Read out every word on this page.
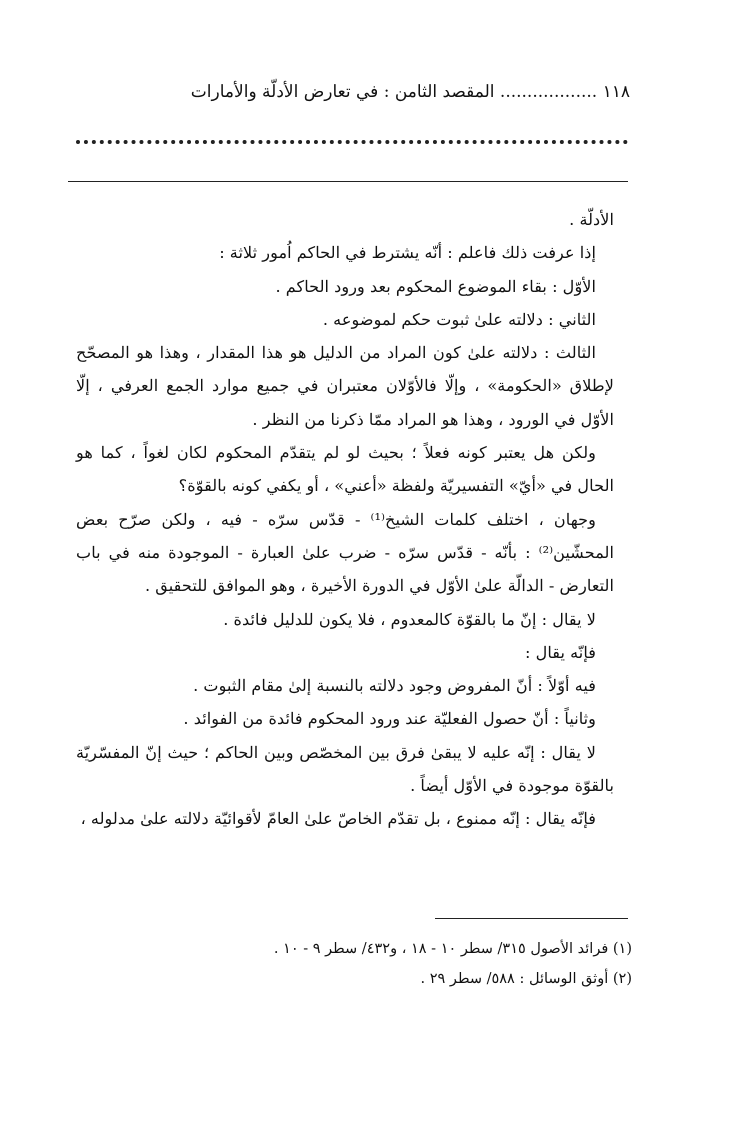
١١٨ .................. المقصد الثامن : في تعارض الأدلّة والأمارات

الأدلّة .

إذا عرفت ذلك فاعلم : أنّه يشترط في الحاكم اُمور ثلاثة :

الأوّل : بقاء الموضوع المحكوم بعد ورود الحاكم .

الثاني : دلالته علىٰ ثبوت حكم لموضوعه .

الثالث : دلالته علىٰ كون المراد من الدليل هو هذا المقدار ، وهذا هو المصحّح لإطلاق «الحكومة» ، وإلّا فالأوّلان معتبران في جميع موارد الجمع العرفي ، إلّا الأوّل في الورود ، وهذا هو المراد ممّا ذكرنا من النظر .

ولكن هل يعتبر كونه فعلاً ؛ بحيث لو لم يتقدّم المحكوم لكان لغواً ، كما هو الحال في «أيّ» التفسيريّة ولفظة «أعني» ، أو يكفي كونه بالقوّة؟

وجهان ، اختلف كلمات الشيخ⁽¹⁾ - قدّس سرّه - فيه ، ولكن صرّح بعض المحشّين⁽²⁾ : بأنّه - قدّس سرّه - ضرب علىٰ العبارة - الموجودة منه في باب التعارض - الدالّة علىٰ الأوّل في الدورة الأخيرة ، وهو الموافق للتحقيق .

لا يقال : إنّ ما بالقوّة كالمعدوم ، فلا يكون للدليل فائدة .

فإنّه يقال :

فيه أوّلاً : أنّ المفروض وجود دلالته بالنسبة إلىٰ مقام الثبوت .

وثانياً : أنّ حصول الفعليّة عند ورود المحكوم فائدة من الفوائد .

لا يقال : إنّه عليه لا يبقىٰ فرق بين المخصّص وبين الحاكم ؛ حيث إنّ المفسّريّة بالقوّة موجودة في الأوّل أيضاً .

فإنّه يقال : إنّه ممنوع ، بل تقدّم الخاصّ علىٰ العامّ لأقوائيّة دلالته علىٰ مدلوله ،

(١) فرائد الأصول ٣١٥/ سطر ١٠ - ١٨ ، و٤٣٢/ سطر ٩ - ١٠ .

(٢) أوثق الوسائل : ٥٨٨/ سطر ٢٩ .
